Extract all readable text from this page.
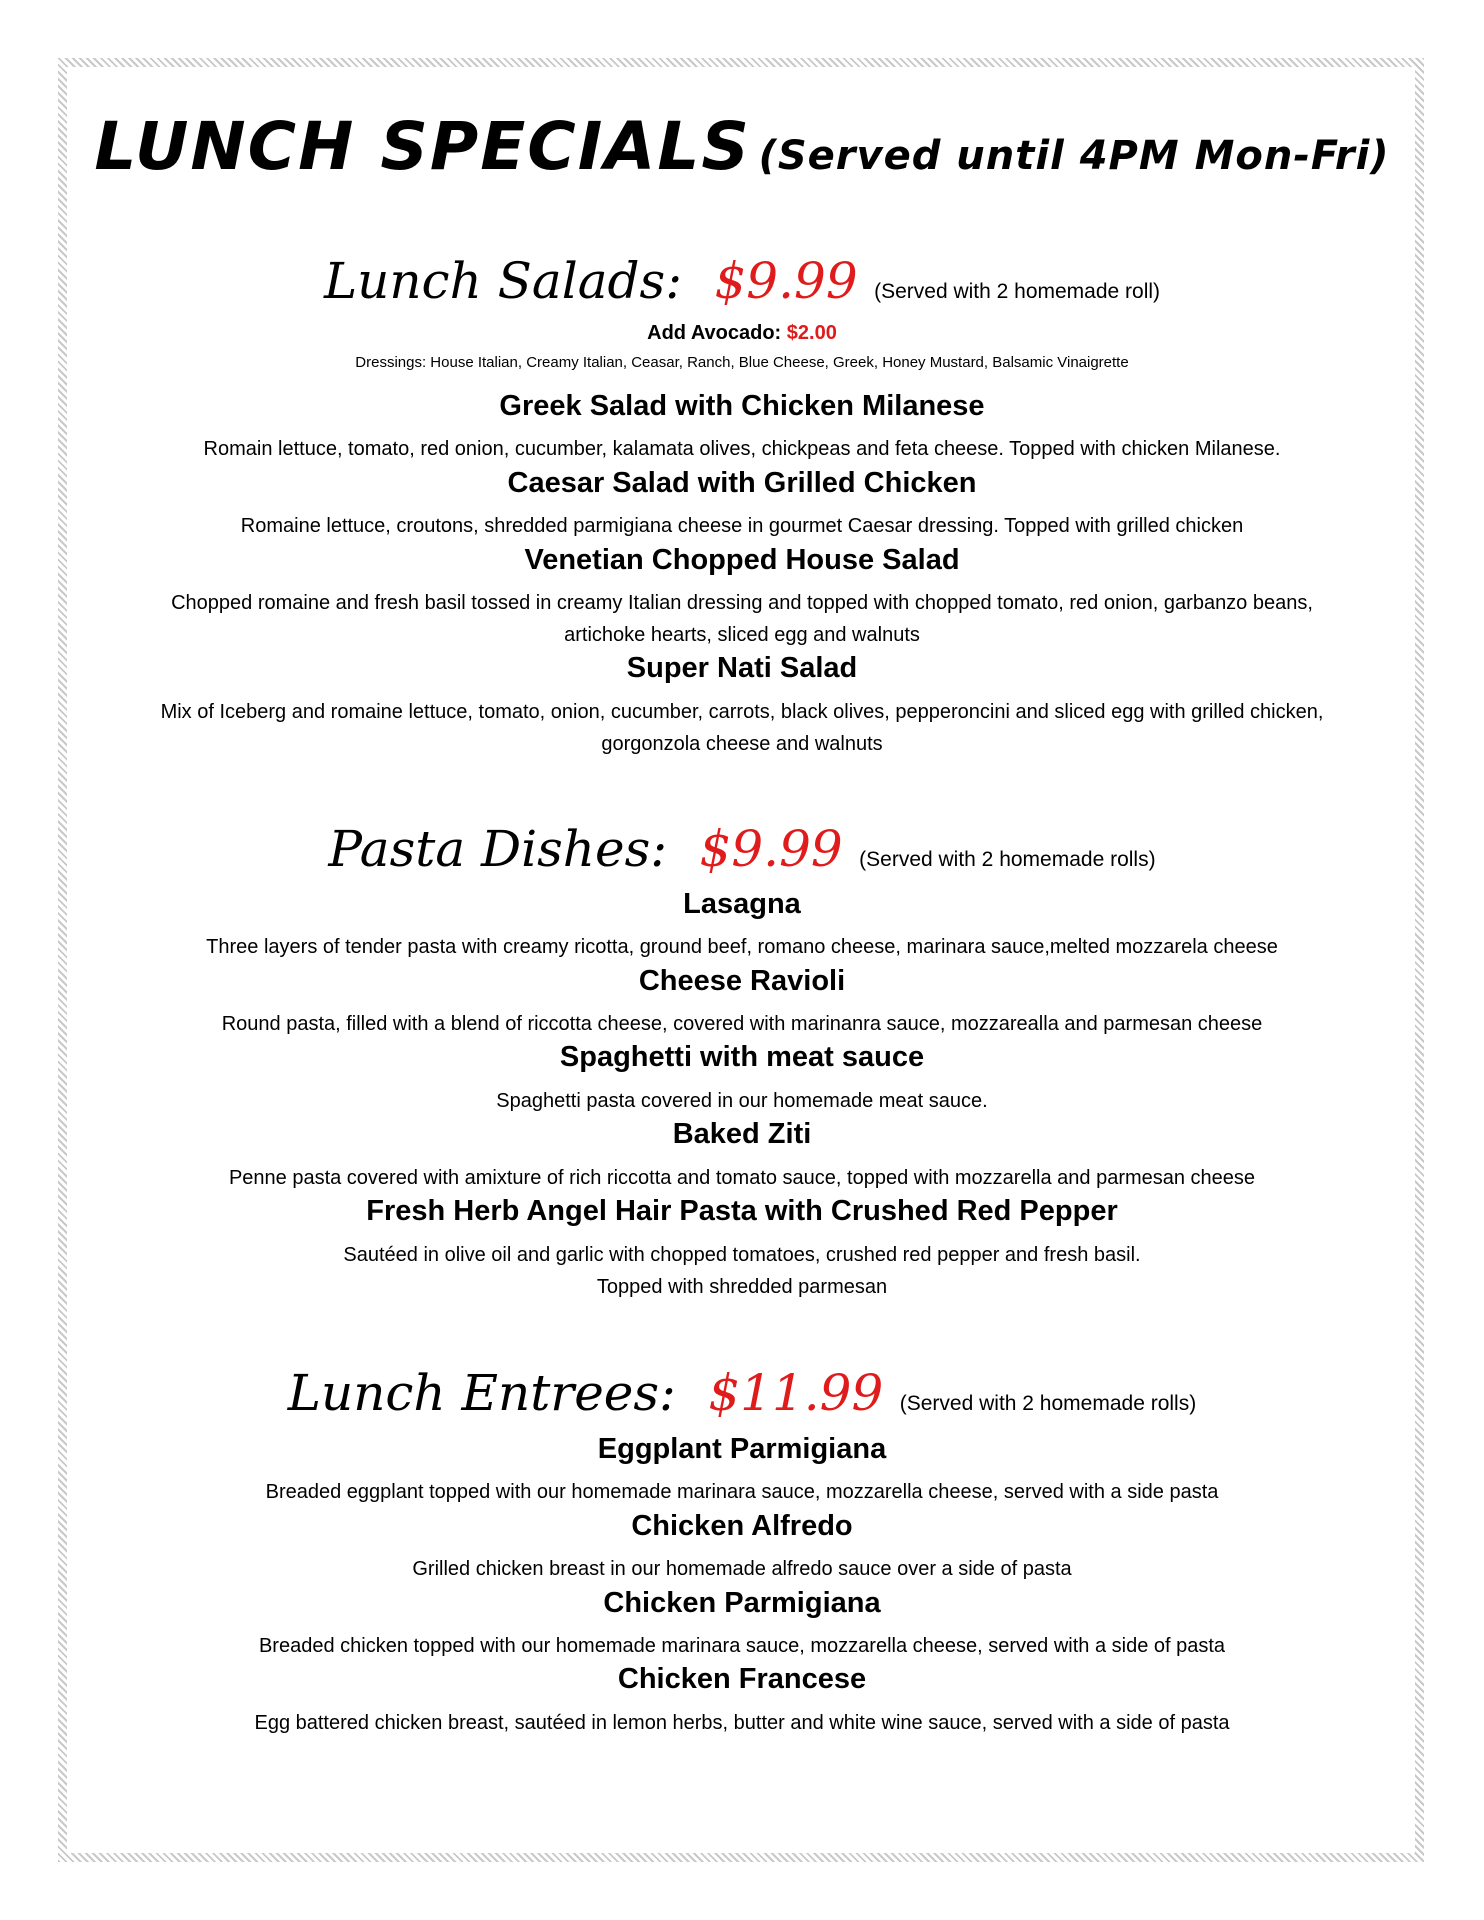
LUNCH SPECIALS (Served until 4PM Mon-Fri)
Lunch Salads: $9.99 (Served with 2 homemade roll)
Add Avocado: $2.00
Dressings: House Italian, Creamy Italian, Ceasar, Ranch, Blue Cheese, Greek, Honey Mustard, Balsamic Vinaigrette
Greek Salad with Chicken Milanese
Romain lettuce, tomato, red onion, cucumber, kalamata olives, chickpeas and feta cheese. Topped with chicken Milanese.
Caesar Salad with Grilled Chicken
Romaine lettuce, croutons, shredded parmigiana cheese in gourmet Caesar dressing. Topped with grilled chicken
Venetian Chopped House Salad
Chopped romaine and fresh basil tossed in creamy Italian dressing and topped with chopped tomato, red onion, garbanzo beans,
artichoke hearts, sliced egg and walnuts
Super Nati Salad
Mix of Iceberg and romaine lettuce, tomato, onion, cucumber, carrots, black olives, pepperoncini and sliced egg with grilled chicken,
gorgonzola cheese and walnuts
Pasta Dishes: $9.99 (Served with 2 homemade rolls)
Lasagna
Three layers of tender pasta with creamy ricotta, ground beef, romano cheese, marinara sauce,melted mozzarela cheese
Cheese Ravioli
Round pasta, filled with a blend of riccotta cheese, covered with marinanra sauce, mozzarealla and parmesan cheese
Spaghetti with meat sauce
Spaghetti pasta covered in our homemade meat sauce.
Baked Ziti
Penne pasta covered with amixture of rich riccotta and tomato sauce, topped with mozzarella and parmesan cheese
Fresh Herb Angel Hair Pasta with Crushed Red Pepper
Sautéed in olive oil and garlic with chopped tomatoes, crushed red pepper and fresh basil.
Topped with shredded parmesan
Lunch Entrees: $11.99 (Served with 2 homemade rolls)
Eggplant Parmigiana
Breaded eggplant topped with our homemade marinara sauce, mozzarella cheese, served with a side pasta
Chicken Alfredo
Grilled chicken breast in our homemade alfredo sauce over a side of pasta
Chicken Parmigiana
Breaded chicken topped with our homemade marinara sauce, mozzarella cheese, served with a side of pasta
Chicken Francese
Egg battered chicken breast, sautéed in lemon herbs, butter and white wine sauce, served with a side of pasta
